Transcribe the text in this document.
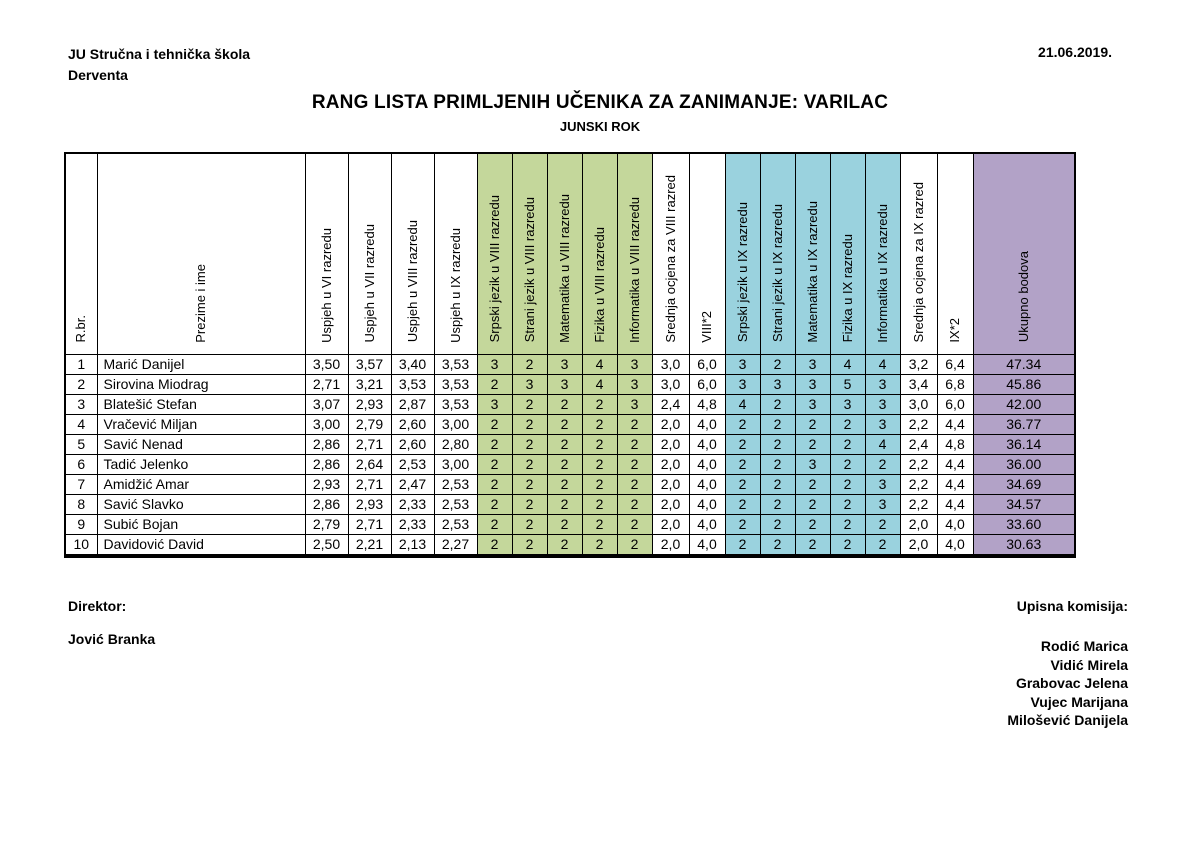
JU Stručna i tehnička škola
Derventa
21.06.2019.
RANG LISTA PRIMLJENIH UČENIKA ZA ZANIMANJE: VARILAC
JUNSKI ROK
R.br.	Prezime i ime	Uspjeh u VI razredu	Uspjeh u VII razredu	Uspjeh u VIII razredu	Uspjeh u IX razredu	Srpski jezik u VIII razredu	Strani jezik u VIII razredu	Matematika u VIII razredu	Fizika u VIII razredu	Informatika u VIII razredu	Srednja ocjena za VIII razred	VIII*2	Srpski jezik u IX razredu	Strani jezik u IX razredu	Matematika u IX razredu	Fizika u IX razredu	Informatika u IX razredu	Srednja ocjena za IX razred	IX*2	Ukupno bodova
1	Marić Danijel	3,50	3,57	3,40	3,53	3	2	3	4	3	3,0	6,0	3	2	3	4	4	3,2	6,4	47.34
2	Sirovina Miodrag	2,71	3,21	3,53	3,53	2	3	3	4	3	3,0	6,0	3	3	3	5	3	3,4	6,8	45.86
3	Blatešić Stefan	3,07	2,93	2,87	3,53	3	2	2	2	3	2,4	4,8	4	2	3	3	3	3,0	6,0	42.00
4	Vračević Miljan	3,00	2,79	2,60	3,00	2	2	2	2	2	2,0	4,0	2	2	2	2	3	2,2	4,4	36.77
5	Savić Nenad	2,86	2,71	2,60	2,80	2	2	2	2	2	2,0	4,0	2	2	2	2	4	2,4	4,8	36.14
6	Tadić Jelenko	2,86	2,64	2,53	3,00	2	2	2	2	2	2,0	4,0	2	2	3	2	2	2,2	4,4	36.00
7	Amidžić Amar	2,93	2,71	2,47	2,53	2	2	2	2	2	2,0	4,0	2	2	2	2	3	2,2	4,4	34.69
8	Savić Slavko	2,86	2,93	2,33	2,53	2	2	2	2	2	2,0	4,0	2	2	2	2	3	2,2	4,4	34.57
9	Subić Bojan	2,79	2,71	2,33	2,53	2	2	2	2	2	2,0	4,0	2	2	2	2	2	2,0	4,0	33.60
10	Davidović David	2,50	2,21	2,13	2,27	2	2	2	2	2	2,0	4,0	2	2	2	2	2	2,0	4,0	30.63
Direktor:
Jović Branka
Upisna komisija:
Rodić Marica
Vidić Mirela
Grabovac Jelena
Vujec Marijana
Milošević Danijela
